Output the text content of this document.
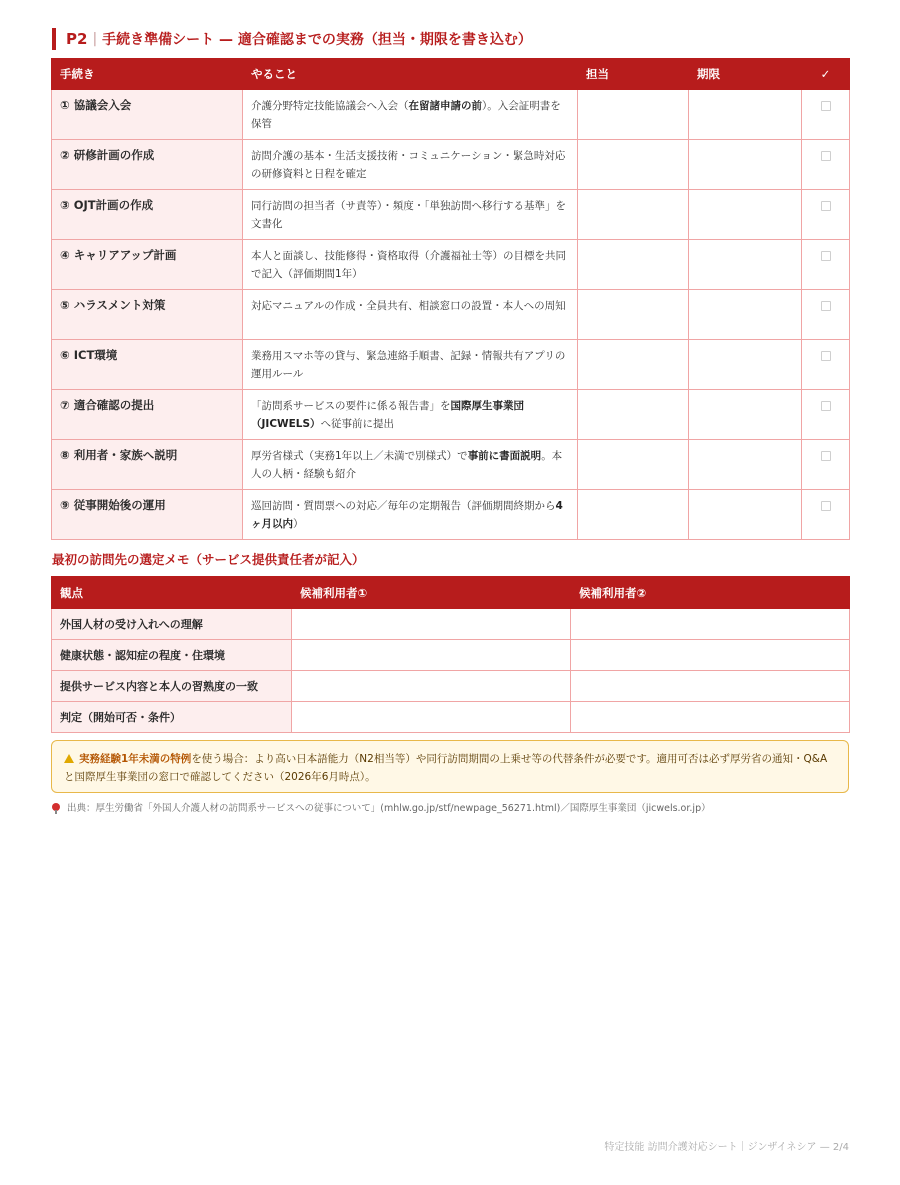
P2 | 手続き準備シート — 適合確認までの実務（担当・期限を書き込む）
手続き	やること	担当	期限	✓
① 協議会入会	介護分野特定技能協議会へ入会（在留諸申請の前）。入会証明書を保管			
② 研修計画の作成	訪問介護の基本・生活支援技術・コミュニケーション・緊急時対応の研修資料と日程を確定			
③ OJT計画の作成	同行訪問の担当者（サ責等）・頻度・「単独訪問へ移行する基準」を文書化			
④ キャリアアップ計画	本人と面談し、技能修得・資格取得（介護福祉士等）の目標を共同で記入（評価期間1年）			
⑤ ハラスメント対策	対応マニュアルの作成・全員共有、相談窓口の設置・本人への周知			
⑥ ICT環境	業務用スマホ等の貸与、緊急連絡手順書、記録・情報共有アプリの運用ルール			
⑦ 適合確認の提出	「訪問系サービスの要件に係る報告書」を国際厚生事業団（JICWELS）へ従事前に提出			
⑧ 利用者・家族へ説明	厚労省様式（実務1年以上／未満で別様式）で事前に書面説明。本人の人柄・経験も紹介			
⑨ 従事開始後の運用	巡回訪問・質問票への対応／毎年の定期報告（評価期間終期から4ヶ月以内）			
最初の訪問先の選定メモ（サービス提供責任者が記入）
観点	候補利用者①	候補利用者②
外国人材の受け入れへの理解		
健康状態・認知症の程度・住環境		
提供サービス内容と本人の習熟度の一致		
判定（開始可否・条件）		
実務経験1年未満の特例を使う場合：より高い日本語能力（N2相当等）や同行訪問期間の上乗せ等の代替条件が必要です。適用可否は必ず厚労省の通知・Q&Aと国際厚生事業団の窓口で確認してください（2026年6月時点）。
出典：厚生労働省「外国人介護人材の訪問系サービスへの従事について」(mhlw.go.jp/stf/newpage_56271.html)／国際厚生事業団（jicwels.or.jp）
特定技能 訪問介護対応シート｜ジンザイネシア — 2/4
